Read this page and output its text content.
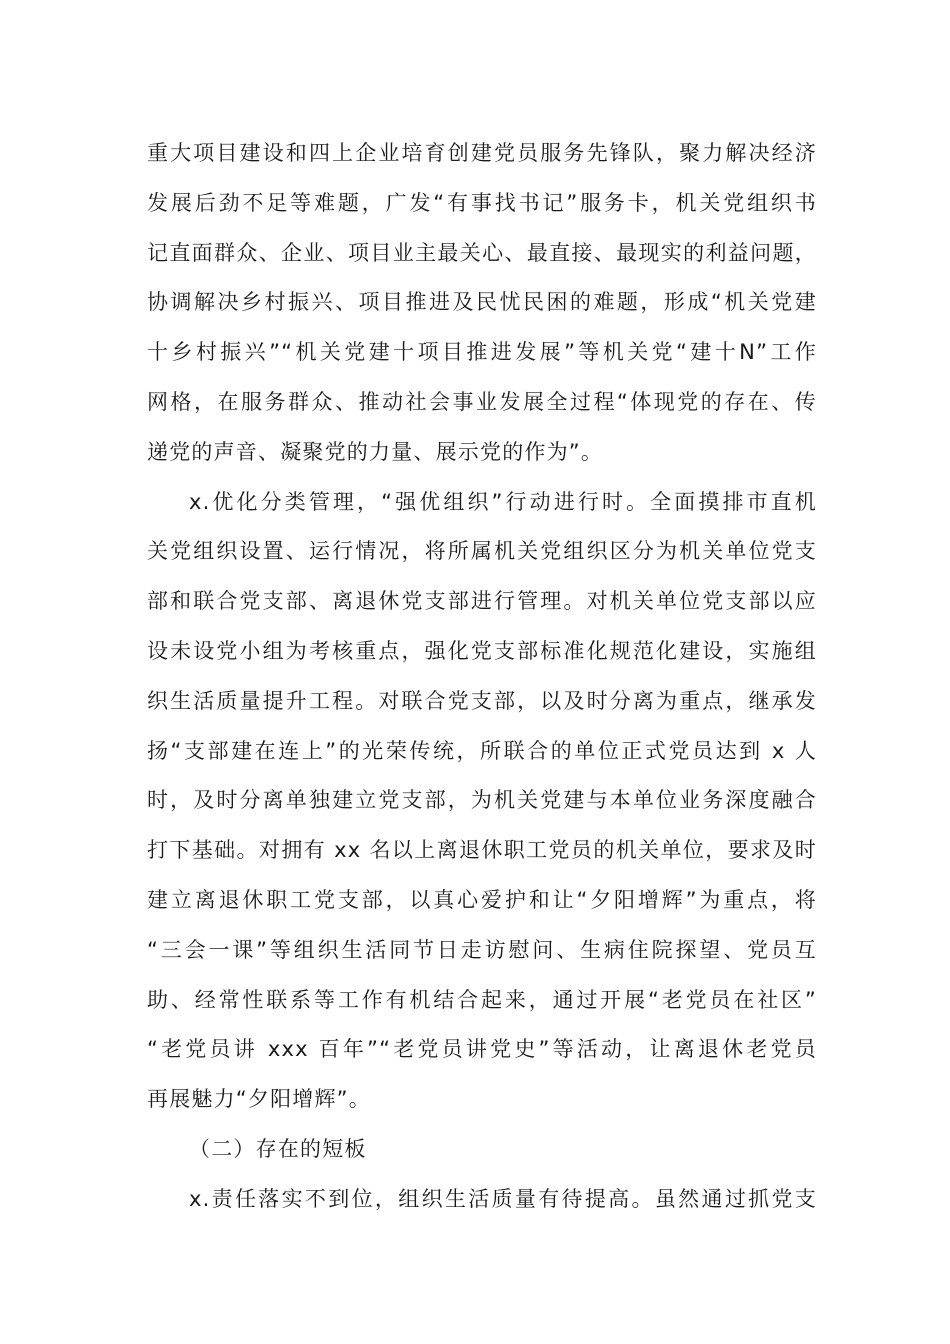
重大项目建设和四上企业培育创建党员服务先锋队，聚力解决经济
发展后劲不足等难题，广发“有事找书记”服务卡，机关党组织书
记直面群众、企业、项目业主最关心、最直接、最现实的利益问题，
协调解决乡村振兴、项目推进及民忧民困的难题，形成“机关党建
十乡村振兴”“机关党建十项目推进发展”等机关党“建十N”工作
网格，在服务群众、推动社会事业发展全过程“体现党的存在、传
递党的声音、凝聚党的力量、展示党的作为”。
x.优化分类管理，“强优组织”行动进行时。全面摸排市直机
关党组织设置、运行情况，将所属机关党组织区分为机关单位党支
部和联合党支部、离退休党支部进行管理。对机关单位党支部以应
设未设党小组为考核重点，强化党支部标准化规范化建设，实施组
织生活质量提升工程。对联合党支部，以及时分离为重点，继承发
扬“支部建在连上”的光荣传统，所联合的单位正式党员达到 x 人
时，及时分离单独建立党支部，为机关党建与本单位业务深度融合
打下基础。对拥有 xx 名以上离退休职工党员的机关单位，要求及时
建立离退休职工党支部，以真心爱护和让“夕阳增辉”为重点，将
“三会一课”等组织生活同节日走访慰问、生病住院探望、党员互
助、经常性联系等工作有机结合起来，通过开展“老党员在社区”
“老党员讲 xxx 百年”“老党员讲党史”等活动，让离退休老党员
再展魅力“夕阳增辉”。
（二）存在的短板
x.责任落实不到位，组织生活质量有待提高。虽然通过抓党支
